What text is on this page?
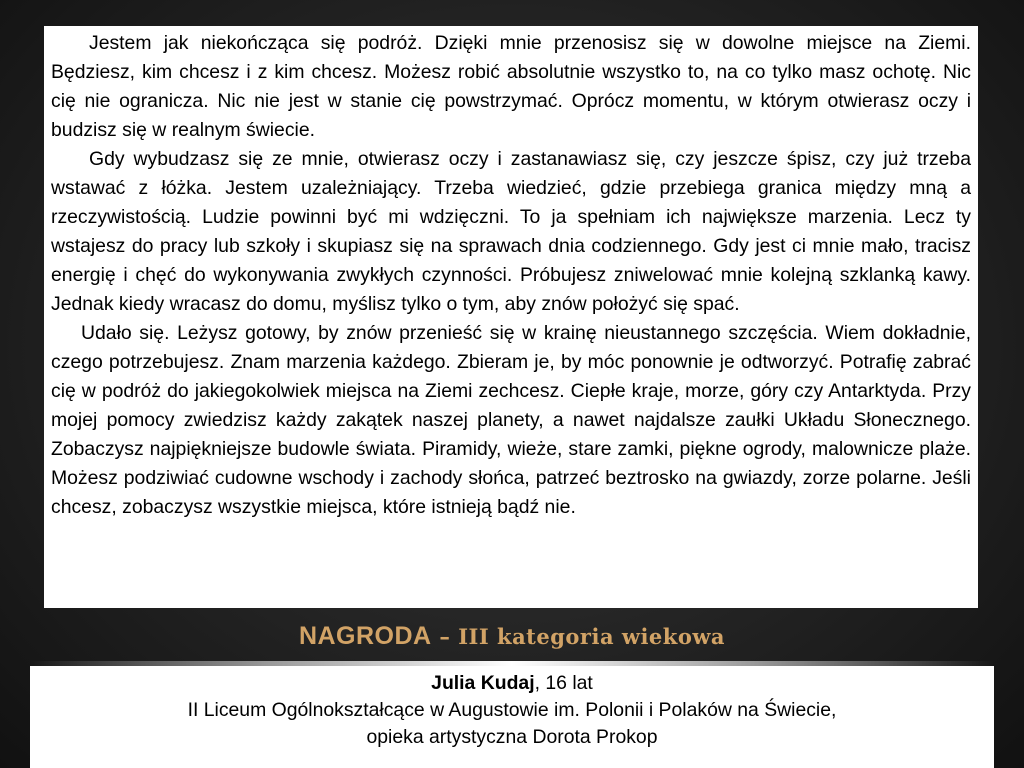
Jestem jak niekończąca się podróż. Dzięki mnie przenosisz się w dowolne miejsce na Ziemi. Będziesz, kim chcesz i z kim chcesz. Możesz robić absolutnie wszystko to, na co tylko masz ochotę. Nic cię nie ogranicza. Nic nie jest w stanie cię powstrzymać. Oprócz momentu, w którym otwierasz oczy i budzisz się w realnym świecie.

Gdy wybudzasz się ze mnie, otwierasz oczy i zastanawiasz się, czy jeszcze śpisz, czy już trzeba wstawać z łóżka. Jestem uzależniający. Trzeba wiedzieć, gdzie przebiega granica między mną a rzeczywistością. Ludzie powinni być mi wdzięczni. To ja spełniam ich największe marzenia. Lecz ty wstajesz do pracy lub szkoły i skupiasz się na sprawach dnia codziennego. Gdy jest ci mnie mało, tracisz energię i chęć do wykonywania zwykłych czynności. Próbujesz zniwelować mnie kolejną szklanką kawy. Jednak kiedy wracasz do domu, myślisz tylko o tym, aby znów położyć się spać.

Udało się. Leżysz gotowy, by znów przenieść się w krainę nieustannego szczęścia. Wiem dokładnie, czego potrzebujesz. Znam marzenia każdego. Zbieram je, by móc ponownie je odtworzyć. Potrafię zabrać cię w podróż do jakiegokolwiek miejsca na Ziemi zechcesz. Ciepłe kraje, morze, góry czy Antarktyda. Przy mojej pomocy zwiedzisz każdy zakątek naszej planety, a nawet najdalsze zaułki Układu Słonecznego. Zobaczysz najpiękniejsze budowle świata. Piramidy, wieże, stare zamki, piękne ogrody, malownicze plaże. Możesz podziwiać cudowne wschody i zachody słońca, patrzeć beztrosko na gwiazdy, zorze polarne. Jeśli chcesz, zobaczysz wszystkie miejsca, które istnieją bądź nie.

NAGRODA – III kategoria wiekowa
Julia Kudaj, 16 lat
II Liceum Ogólnokształcące w Augustowie im. Polonii i Polaków na Świecie,
opieka artystyczna Dorota Prokop
